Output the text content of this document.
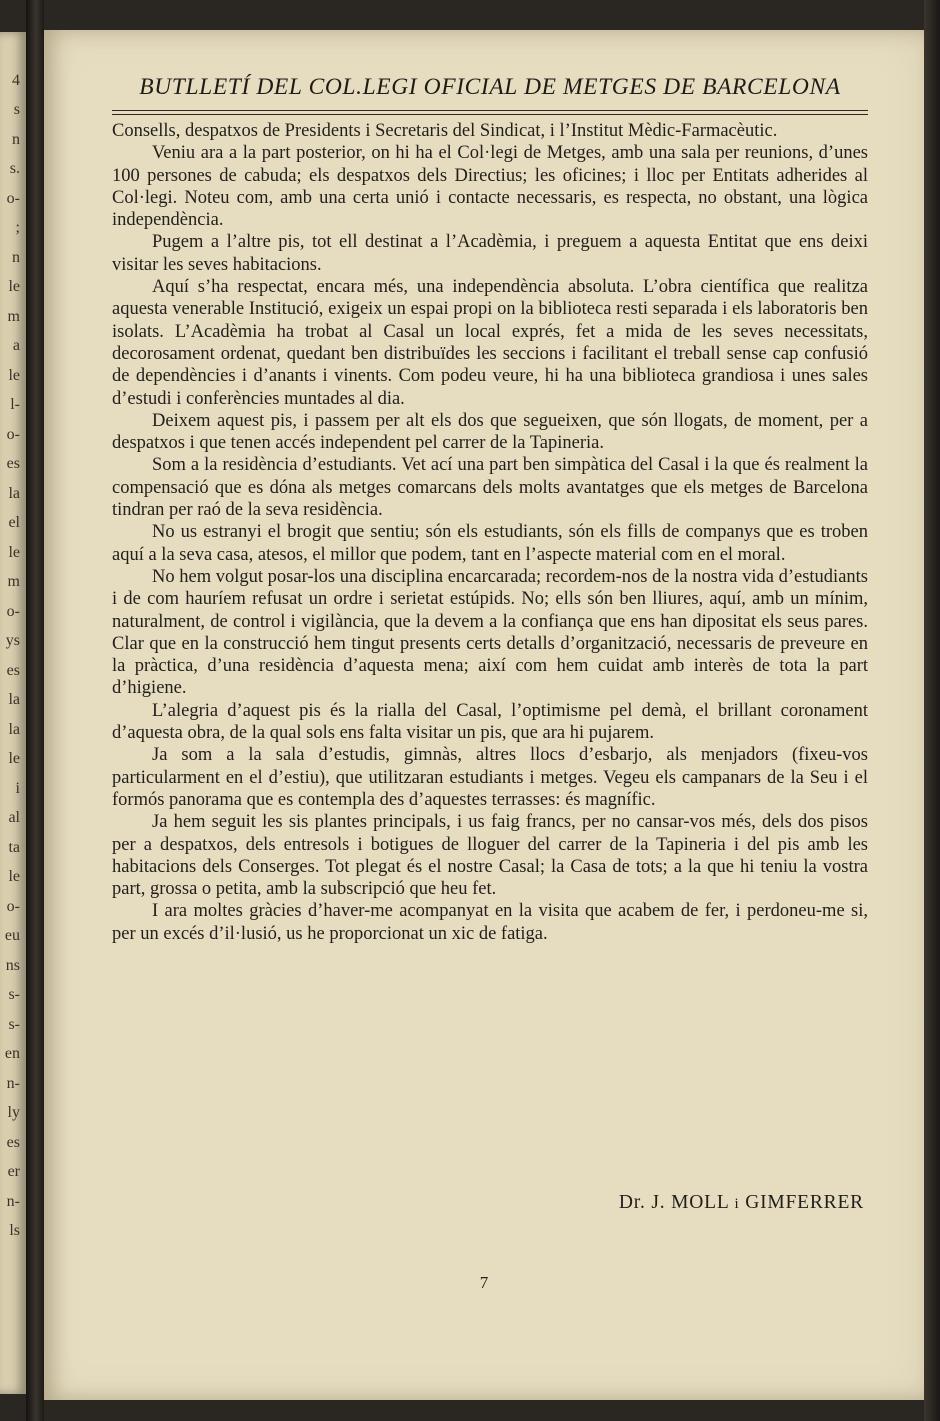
4
s
n
s.
o-
;
n
le
m
a
le
l-
o-
es
la
el
le
m
o-
ys
es
la
la
le
i
al
ta
le
o-
eu
ns
s-
s-
en
n-
ly
es
er
n-
ls
BUTLLETÍ DEL COL.LEGI OFICIAL DE METGES DE BARCELONA

Consells, despatxos de Presidents i Secretaris del Sindicat, i l’Institut Mèdic-Farmacèutic.

Veniu ara a la part posterior, on hi ha el Col·legi de Metges, amb una sala per reunions, d’unes 100 persones de cabuda; els despatxos dels Directius; les oficines; i lloc per Entitats adherides al Col·legi. Noteu com, amb una certa unió i contacte necessaris, es respecta, no obstant, una lògica independència.

Pugem a l’altre pis, tot ell destinat a l’Acadèmia, i preguem a aquesta Entitat que ens deixi visitar les seves habitacions.

Aquí s’ha respectat, encara més, una independència absoluta. L’obra científica que realitza aquesta venerable Institució, exigeix un espai propi on la biblioteca resti separada i els laboratoris ben isolats. L’Acadèmia ha trobat al Casal un local exprés, fet a mida de les seves necessitats, decorosament ordenat, quedant ben distribuïdes les seccions i facilitant el treball sense cap confusió de dependències i d’anants i vinents. Com podeu veure, hi ha una biblioteca grandiosa i unes sales d’estudi i conferències muntades al dia.

Deixem aquest pis, i passem per alt els dos que segueixen, que són llogats, de moment, per a despatxos i que tenen accés independent pel carrer de la Tapineria.

Som a la residència d’estudiants. Vet ací una part ben simpàtica del Casal i la que és realment la compensació que es dóna als metges comarcans dels molts avantatges que els metges de Barcelona tindran per raó de la seva residència.

No us estranyi el brogit que sentiu; són els estudiants, són els fills de companys que es troben aquí a la seva casa, atesos, el millor que podem, tant en l’aspecte material com en el moral.

No hem volgut posar-los una disciplina encarcarada; recordem-nos de la nostra vida d’estudiants i de com hauríem refusat un ordre i serietat estúpids. No; ells són ben lliures, aquí, amb un mínim, naturalment, de control i vigilància, que la devem a la confiança que ens han dipositat els seus pares. Clar que en la construcció hem tingut presents certs detalls d’organització, necessaris de preveure en la pràctica, d’una residència d’aquesta mena; així com hem cuidat amb interès de tota la part d’higiene.

L’alegria d’aquest pis és la rialla del Casal, l’optimisme pel demà, el brillant coronament d’aquesta obra, de la qual sols ens falta visitar un pis, que ara hi pujarem.

Ja som a la sala d’estudis, gimnàs, altres llocs d’esbarjo, als menjadors (fixeu-vos particularment en el d’estiu), que utilitzaran estudiants i metges. Vegeu els campanars de la Seu i el formós panorama que es contempla des d’aquestes terrasses: és magnífic.

Ja hem seguit les sis plantes principals, i us faig francs, per no cansar-vos més, dels dos pisos per a despatxos, dels entresols i botigues de lloguer del carrer de la Tapineria i del pis amb les habitacions dels Conserges. Tot plegat és el nostre Casal; la Casa de tots; a la que hi teniu la vostra part, grossa o petita, amb la subscripció que heu fet.

I ara moltes gràcies d’haver-me acompanyat en la visita que acabem de fer, i perdoneu-me si, per un excés d’il·lusió, us he proporcionat un xic de fatiga.

Dr. J. MOLL i GIMFERRER
7
